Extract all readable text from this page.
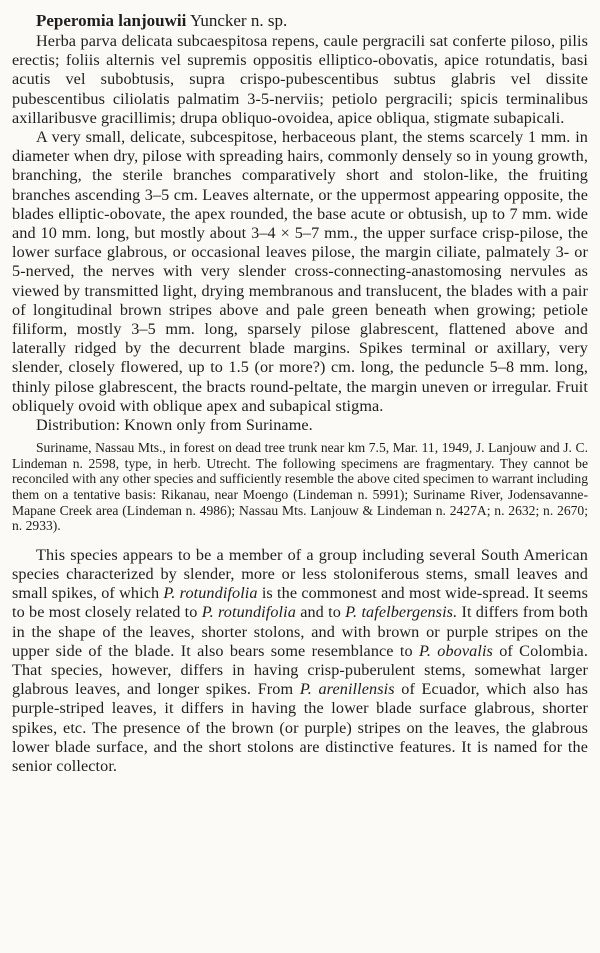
Peperomia lanjouwii Yuncker n. sp.

Herba parva delicata subcaespitosa repens, caule pergracili sat conferte piloso, pilis erectis; foliis alternis vel supremis oppositis elliptico-obovatis, apice rotundatis, basi acutis vel subobtusis, supra crispo-pubescentibus subtus glabris vel dissite pubescentibus ciliolatis palmatim 3-5-nerviis; petiolo pergracili; spicis terminalibus axillaribusve gracillimis; drupa obliquo-ovoidea, apice obliqua, stigmate subapicali.

A very small, delicate, subcespitose, herbaceous plant, the stems scarcely 1 mm. in diameter when dry, pilose with spreading hairs, commonly densely so in young growth, branching, the sterile branches comparatively short and stolon-like, the fruiting branches ascending 3–5 cm. Leaves alternate, or the uppermost appearing opposite, the blades elliptic-obovate, the apex rounded, the base acute or obtusish, up to 7 mm. wide and 10 mm. long, but mostly about 3–4 × 5–7 mm., the upper surface crisp-pilose, the lower surface glabrous, or occasional leaves pilose, the margin ciliate, palmately 3- or 5-nerved, the nerves with very slender cross-connecting-anastomosing nervules as viewed by transmitted light, drying membranous and translucent, the blades with a pair of longitudinal brown stripes above and pale green beneath when growing; petiole filiform, mostly 3–5 mm. long, sparsely pilose glabrescent, flattened above and laterally ridged by the decurrent blade margins. Spikes terminal or axillary, very slender, closely flowered, up to 1.5 (or more?) cm. long, the peduncle 5–8 mm. long, thinly pilose glabrescent, the bracts round-peltate, the margin uneven or irregular. Fruit obliquely ovoid with oblique apex and subapical stigma.

Distribution: Known only from Suriname.

Suriname, Nassau Mts., in forest on dead tree trunk near km 7.5, Mar. 11, 1949, J. Lanjouw and J. C. Lindeman n. 2598, type, in herb. Utrecht. The following specimens are fragmentary. They cannot be reconciled with any other species and sufficiently resemble the above cited specimen to warrant including them on a tentative basis: Rikanau, near Moengo (Lindeman n. 5991); Suriname River, Jodensavanne-Mapane Creek area (Lindeman n. 4986); Nassau Mts. Lanjouw & Lindeman n. 2427A; n. 2632; n. 2670; n. 2933).

This species appears to be a member of a group including several South American species characterized by slender, more or less stoloniferous stems, small leaves and small spikes, of which P. rotundifolia is the commonest and most wide-spread. It seems to be most closely related to P. rotundifolia and to P. tafelbergensis. It differs from both in the shape of the leaves, shorter stolons, and with brown or purple stripes on the upper side of the blade. It also bears some resemblance to P. obovalis of Colombia. That species, however, differs in having crisp-puberulent stems, somewhat larger glabrous leaves, and longer spikes. From P. arenillensis of Ecuador, which also has purple-striped leaves, it differs in having the lower blade surface glabrous, shorter spikes, etc. The presence of the brown (or purple) stripes on the leaves, the glabrous lower blade surface, and the short stolons are distinctive features. It is named for the senior collector.
